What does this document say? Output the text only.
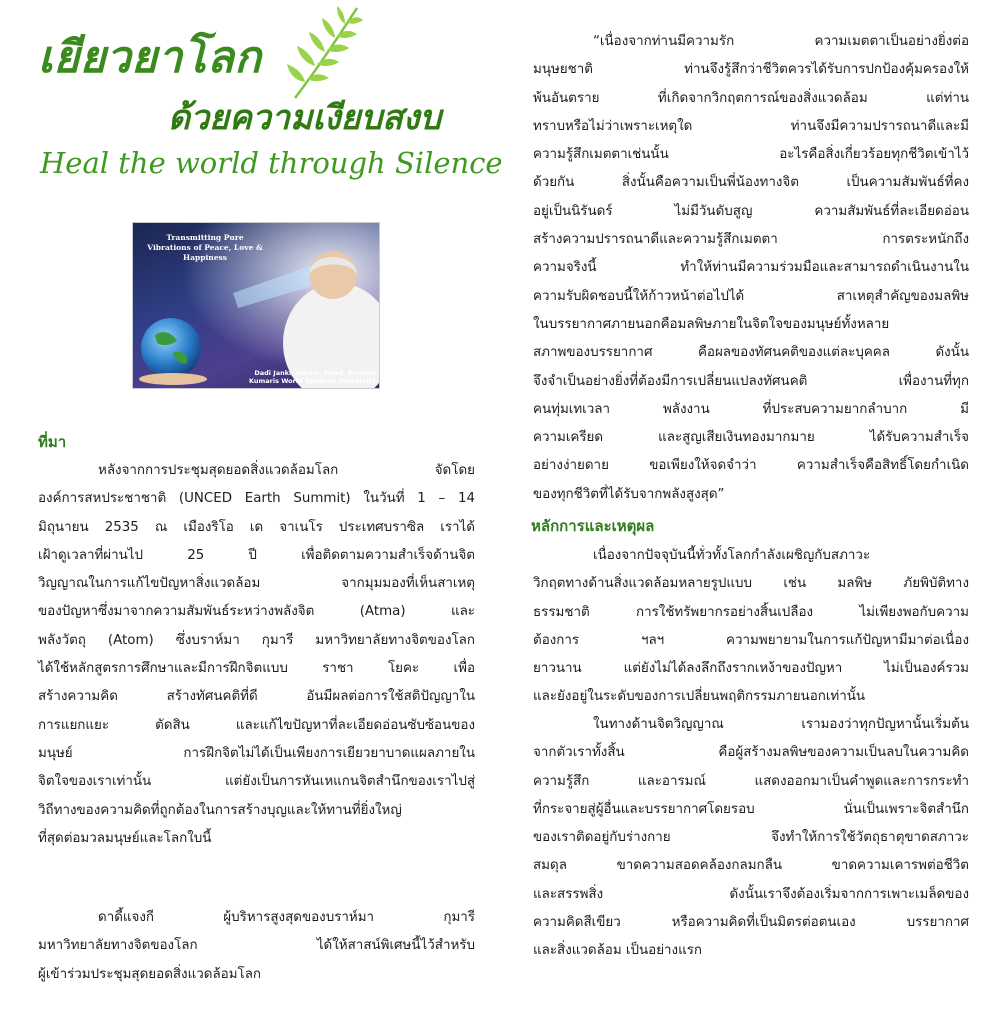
เยียวยาโลก
ด้วยความเงียบสงบ
Heal the world through Silence
Transmitting Pure Vibrations of Peace, Love & Happiness
Dadi Janki, Admin. Head, Brahma Kumaris World Spiritual University
ที่มา
หลังจากการประชุมสุดยอดสิ่งแวดล้อมโลก จัดโดย
องค์การสหประชาชาติ (UNCED Earth Summit) ในวันที่ 1 – 14
มิถุนายน 2535 ณ เมืองริโอ เด จาเนโร ประเทศบราซิล เราได้
เฝ้าดูเวลาที่ผ่านไป 25 ปี เพื่อติดตามความสำเร็จด้านจิต
วิญญาณในการแก้ไขปัญหาสิ่งแวดล้อม จากมุมมองที่เห็นสาเหตุ
ของปัญหาซึ่งมาจากความสัมพันธ์ระหว่างพลังจิต (Atma) และ
พลังวัตถุ (Atom) ซึ่งบราห์มา กุมารี มหาวิทยาลัยทางจิตของโลก
ได้ใช้หลักสูตรการศึกษาและมีการฝึกจิตแบบ ราชา โยคะ เพื่อ
สร้างความคิด สร้างทัศนคติที่ดี อันมีผลต่อการใช้สติปัญญาใน
การแยกแยะ ตัดสิน และแก้ไขปัญหาที่ละเอียดอ่อนซับซ้อนของ
มนุษย์ การฝึกจิตไม่ได้เป็นเพียงการเยียวยาบาดแผลภายใน
จิตใจของเราเท่านั้น แต่ยังเป็นการหันเหแกนจิตสำนึกของเราไปสู่
วิถีทางของความคิดที่ถูกต้องในการสร้างบุญและให้ทานที่ยิ่งใหญ่
ที่สุดต่อมวลมนุษย์และโลกใบนี้
ดาดี้แจงกี ผู้บริหารสูงสุดของบราห์มา กุมารี
มหาวิทยาลัยทางจิตของโลก ได้ให้สาสน์พิเศษนี้ไว้สำหรับ
ผู้เข้าร่วมประชุมสุดยอดสิ่งแวดล้อมโลก
“เนื่องจากท่านมีความรัก ความเมตตาเป็นอย่างยิ่งต่อ
มนุษยชาติ ท่านจึงรู้สึกว่าชีวิตควรได้รับการปกป้องคุ้มครองให้
พ้นอันตราย ที่เกิดจากวิกฤตการณ์ของสิ่งแวดล้อม แต่ท่าน
ทราบหรือไม่ว่าเพราะเหตุใด ท่านจึงมีความปรารถนาดีและมี
ความรู้สึกเมตตาเช่นนั้น อะไรคือสิ่งเกี่ยวร้อยทุกชีวิตเข้าไว้
ด้วยกัน สิ่งนั้นคือความเป็นพี่น้องทางจิต เป็นความสัมพันธ์ที่คง
อยู่เป็นนิรันดร์ ไม่มีวันดับสูญ ความสัมพันธ์ที่ละเอียดอ่อน
สร้างความปรารถนาดีและความรู้สึกเมตตา การตระหนักถึง
ความจริงนี้ ทำให้ท่านมีความร่วมมือและสามารถดำเนินงานใน
ความรับผิดชอบนี้ให้ก้าวหน้าต่อไปได้ สาเหตุสำคัญของมลพิษ
ในบรรยากาศภายนอกคือมลพิษภายในจิตใจของมนุษย์ทั้งหลาย
สภาพของบรรยากาศ คือผลของทัศนคติของแต่ละบุคคล ดังนั้น
จึงจำเป็นอย่างยิ่งที่ต้องมีการเปลี่ยนแปลงทัศนคติ เพื่องานที่ทุก
คนทุ่มเทเวลา พลังงาน ที่ประสบความยากลำบาก มี
ความเครียด และสูญเสียเงินทองมากมาย ได้รับความสำเร็จ
อย่างง่ายดาย ขอเพียงให้จดจำว่า ความสำเร็จคือสิทธิ์โดยกำเนิด
ของทุกชีวิตที่ได้รับจากพลังสูงสุด”
หลักการและเหตุผล
เนื่องจากปัจจุบันนี้ทั่วทั้งโลกกำลังเผชิญกับสภาวะ
วิกฤตทางด้านสิ่งแวดล้อมหลายรูปแบบ เช่น มลพิษ ภัยพิบัติทาง
ธรรมชาติ การใช้ทรัพยากรอย่างสิ้นเปลือง ไม่เพียงพอกับความ
ต้องการ ฯลฯ ความพยายามในการแก้ปัญหามีมาต่อเนื่อง
ยาวนาน แต่ยังไม่ได้ลงลึกถึงรากเหง้าของปัญหา ไม่เป็นองค์รวม
และยังอยู่ในระดับของการเปลี่ยนพฤติกรรมภายนอกเท่านั้น
ในทางด้านจิตวิญญาณ เรามองว่าทุกปัญหานั้นเริ่มต้น
จากตัวเราทั้งสิ้น คือผู้สร้างมลพิษของความเป็นลบในความคิด
ความรู้สึก และอารมณ์ แสดงออกมาเป็นคำพูดและการกระทำ
ที่กระจายสู่ผู้อื่นและบรรยากาศโดยรอบ นั่นเป็นเพราะจิตสำนึก
ของเราติดอยู่กับร่างกาย จึงทำให้การใช้วัตถุธาตุขาดสภาวะ
สมดุล ขาดความสอดคล้องกลมกลืน ขาดความเคารพต่อชีวิต
และสรรพสิ่ง ดังนั้นเราจึงต้องเริ่มจากการเพาะเมล็ดของ
ความคิดสีเขียว หรือความคิดที่เป็นมิตรต่อตนเอง บรรยากาศ
และสิ่งแวดล้อม เป็นอย่างแรก
